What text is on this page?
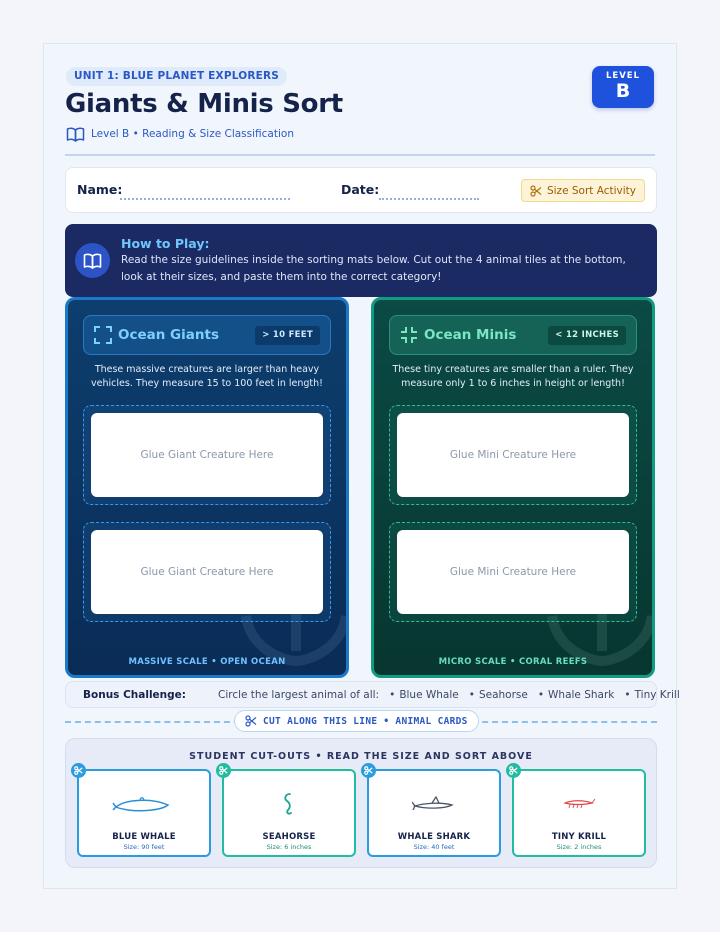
UNIT 1: BLUE PLANET EXPLORERS
Giants & Minis Sort
Level B • Reading & Size Classification
LEVEL
B
Name:	Date:	Size Sort Activity
How to Play:
Read the size guidelines inside the sorting mats below. Cut out the 4 animal tiles at the bottom, look at their sizes, and paste them into the correct category!
Ocean Giants	> 10 FEET
These massive creatures are larger than heavy vehicles. They measure 15 to 100 feet in length!
Glue Giant Creature Here
Glue Giant Creature Here
MASSIVE SCALE • OPEN OCEAN
Ocean Minis	< 12 INCHES
These tiny creatures are smaller than a ruler. They measure only 1 to 6 inches in height or length!
Glue Mini Creature Here
Glue Mini Creature Here
MICRO SCALE • CORAL REEFS
Bonus Challenge:	Circle the largest animal of all:	• Blue Whale	• Seahorse	• Whale Shark	• Tiny Krill
CUT ALONG THIS LINE • ANIMAL CARDS
STUDENT CUT-OUTS • READ THE SIZE AND SORT ABOVE
BLUE WHALE
Size: 90 feet
SEAHORSE
Size: 6 inches
WHALE SHARK
Size: 40 feet
TINY KRILL
Size: 2 inches
